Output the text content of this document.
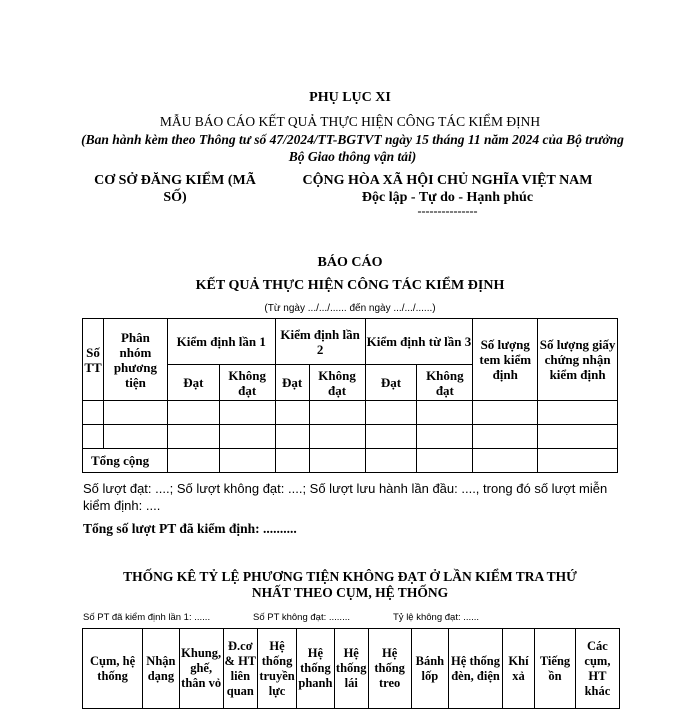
PHỤ LỤC XI
MẪU BÁO CÁO KẾT QUẢ THỰC HIỆN CÔNG TÁC KIỂM ĐỊNH
(Ban hành kèm theo Thông tư số 47/2024/TT-BGTVT ngày 15 tháng 11 năm 2024 của Bộ trưởng Bộ Giao thông vận tải)
CƠ SỞ ĐĂNG KIỂM (MÃ
SỐ)
CỘNG HÒA XÃ HỘI CHỦ NGHĨA VIỆT NAM
Độc lập - Tự do - Hạnh phúc
---------------
BÁO CÁO
KẾT QUẢ THỰC HIỆN CÔNG TÁC KIỂM ĐỊNH
(Từ ngày .../.../...... đến ngày .../.../......)
Số TT	Phân nhóm phương tiện	Kiểm định lần 1		Kiểm định lần 2		Kiểm định từ lần 3		Số lượng tem kiểm định	Số lượng giấy chứng nhận kiểm định
		Đạt	Không đạt	Đạt	Không đạt	Đạt	Không đạt		

Tổng cộng									
Số lượt đạt: ....; Số lượt không đạt: ....; Số lượt lưu hành lần đầu: ...., trong đó số lượt miễn kiểm định: ....
Tổng số lượt PT đã kiểm định: ..........
THỐNG KÊ TỶ LỆ PHƯƠNG TIỆN KHÔNG ĐẠT Ở LẦN KIỂM TRA THỨ
NHẤT THEO CỤM, HỆ THỐNG
Số PT đã kiểm định lần 1: ......	Số PT không đạt: ........	Tỷ lệ không đạt: ......
Cụm, hệ thống	Nhận dạng	Khung, ghế, thân vỏ	Đ.cơ & HT liên quan	Hệ thống truyền lực	Hệ thống phanh	Hệ thống lái	Hệ thống treo	Bánh lốp	Hệ thống đèn, điện	Khí xả	Tiếng ồn	Các cụm, HT khác
